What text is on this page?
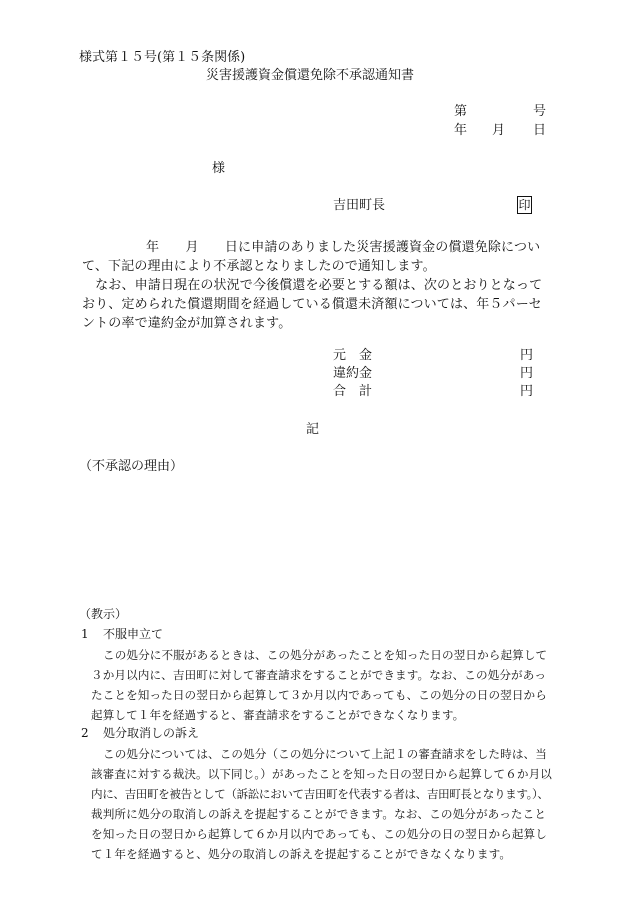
様式第１５号(第１５条関係)
災害援護資金償還免除不承認通知書
第	号
年 月 日
様
吉田町長	印
年　　月　　日に申請のありました災害援護資金の償還免除につい
て、下記の理由により不承認となりましたので通知します。
　なお、申請日現在の状況で今後償還を必要とする額は、次のとおりとなって
おり、定められた償還期間を経過している償還未済額については、年５パーセ
ントの率で違約金が加算されます。
元　金	円
違約金	円
合　計	円
記
（不承認の理由）
（教示）
1 不服申立て
この処分に不服があるときは、この処分があったことを知った日の翌日から起算して
３か月以内に、吉田町に対して審査請求をすることができます。なお、この処分があっ
たことを知った日の翌日から起算して３か月以内であっても、この処分の日の翌日から
起算して１年を経過すると、審査請求をすることができなくなります。
2 処分取消しの訴え
この処分については、この処分（この処分について上記１の審査請求をした時は、当
該審査に対する裁決。以下同じ。）があったことを知った日の翌日から起算して６か月以
内に、吉田町を被告として（訴訟において吉田町を代表する者は、吉田町長となります。）、
裁判所に処分の取消しの訴えを提起することができます。なお、この処分があったこと
を知った日の翌日から起算して６か月以内であっても、この処分の日の翌日から起算し
て１年を経過すると、処分の取消しの訴えを提起することができなくなります。
